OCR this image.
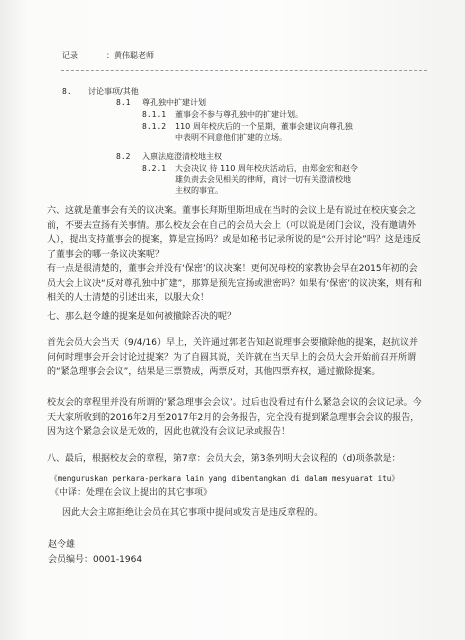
记录	：黄伟聪老师
8. 讨论事项/其他
8.1 尊孔独中扩建计划
8.1.1 董事会不参与尊孔独中的扩建计划。
8.1.2 110 周年校庆后的一个星期，董事会建议向尊孔独
中表明不同意他们扩建的立场。
8.2 入禀法庭澄清校地主权
8.2.1 大会决议 待 110 周年校庆活动后，由郑金宏和赵令
雄负责去会见相关的律师，商讨一切有关澄清校地
主权的事宜。
六、这就是董事会有关的议决案。董事长拜斯里斯坦成在当时的会议上是有说过在校庆宴会之前，不要去宣扬有关事情。那么校友会在自己的会员大会上（可以说是闭门会议，没有邀请外人），提出支持董事会的提案，算是宣扬吗？或是如秘书记录所说的是“公开讨论”吗？这是违反了董事会的哪一条议决案呢？
有一点是很清楚的，董事会并没有‘保密’的议决案！更何况母校的家教协会早在2015年初的会员大会上议决“反对尊孔独中扩建”，那算是预先宣扬或泄密吗？如果有‘保密’的议决案，则有和相关的人士清楚的引述出来，以服大众！
七、那么赵令雄的提案是如何被撤除否决的呢？
首先会员大会当天（9/4/16）早上，关许通过郭老告知赵说理事会要撤除他的提案，赵抗议并问何时理事会开会讨论过提案？为了自圆其说，关许就在当天早上的会员大会开始前召开所谓的“紧急理事会会议”，结果是三票赞成，两票反对，其他四票弃权，通过撤除提案。
校友会的章程里并没有所谓的‘紧急理事会会议’。过后也没看过有什么紧急会议的会议记录。今天大家所收到的2016年2月至2017年2月的会务报告，完全没有提到紧急理事会会议的报告，因为这个紧急会议是无效的，因此也就没有会议记录或报告！
八、最后，根据校友会的章程，第7章：会员大会，第3条列明大会议程的（d)项条款是：
《menguruskan perkara-perkara lain yang dibentangkan di dalam mesyuarat itu》
《中译：处理在会议上提出的其它事项》
因此大会主席拒绝让会员在其它事项中提问或发言是违反章程的。
赵令雄
会员编号：0001-1964
